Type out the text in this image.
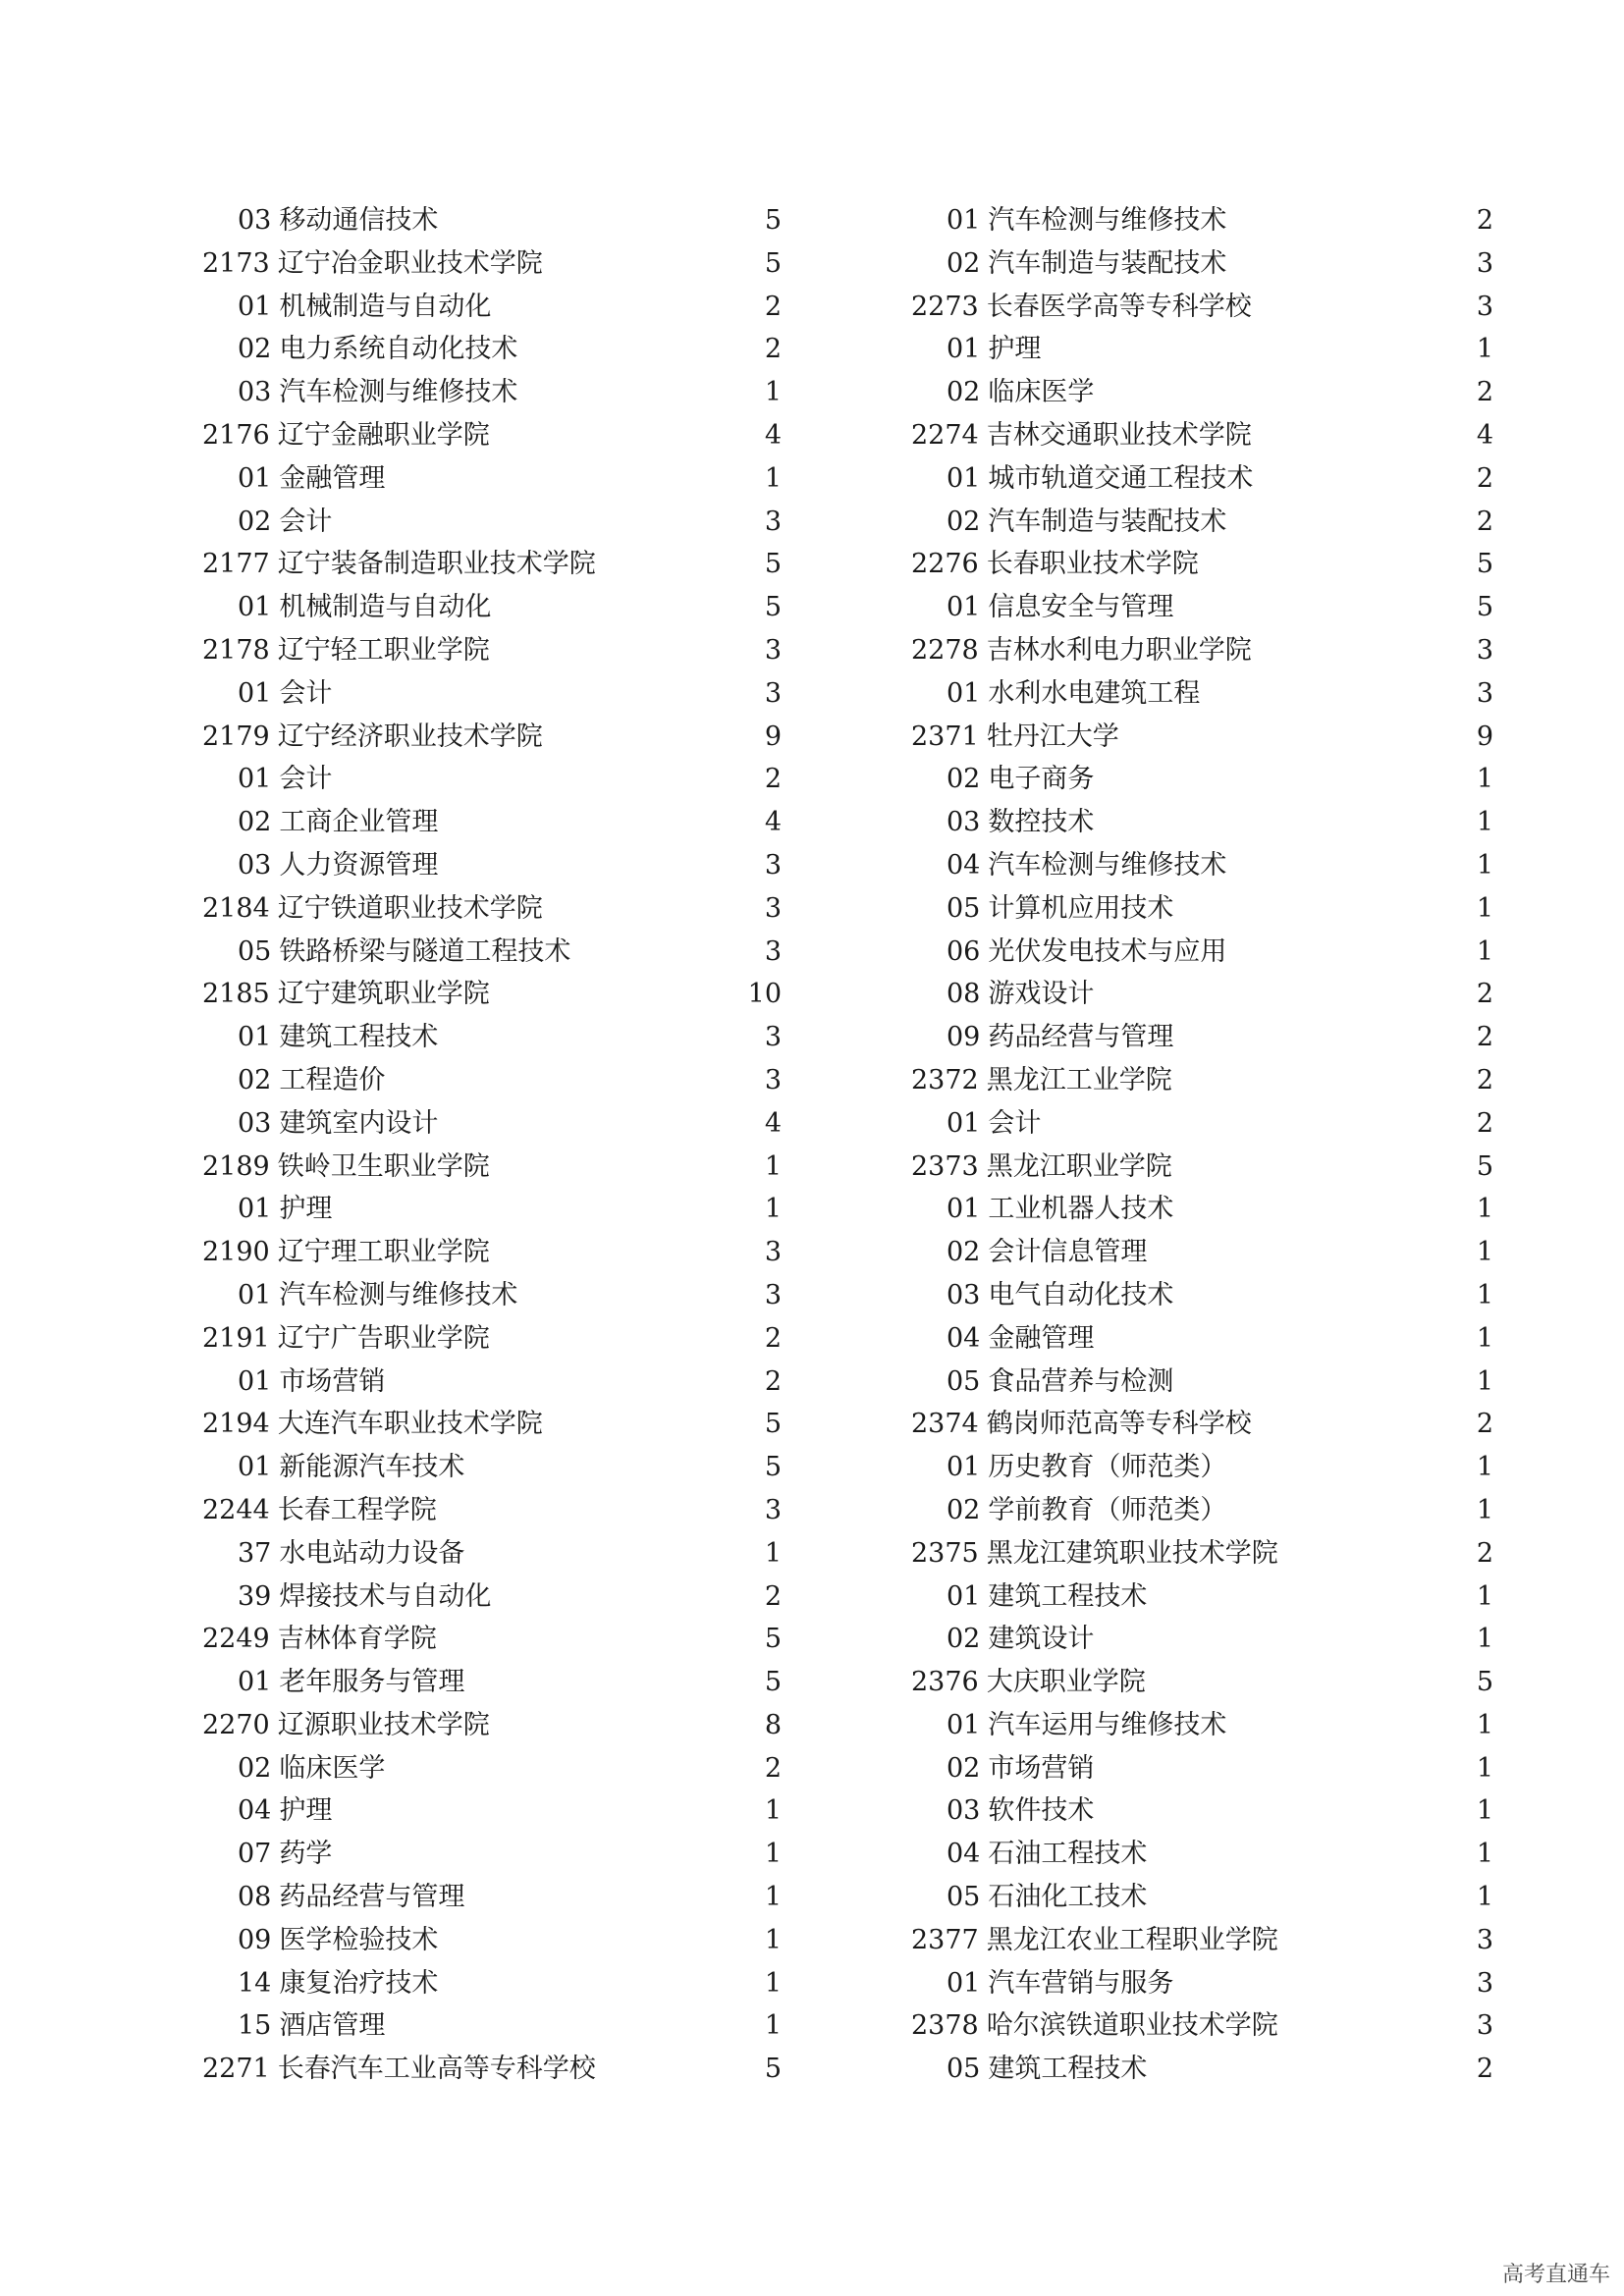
03 移动通信技术	5
2173 辽宁冶金职业技术学院	5
01 机械制造与自动化	2
02 电力系统自动化技术	2
03 汽车检测与维修技术	1
2176 辽宁金融职业学院	4
01 金融管理	1
02 会计	3
2177 辽宁装备制造职业技术学院	5
01 机械制造与自动化	5
2178 辽宁轻工职业学院	3
01 会计	3
2179 辽宁经济职业技术学院	9
01 会计	2
02 工商企业管理	4
03 人力资源管理	3
2184 辽宁铁道职业技术学院	3
05 铁路桥梁与隧道工程技术	3
2185 辽宁建筑职业学院	10
01 建筑工程技术	3
02 工程造价	3
03 建筑室内设计	4
2189 铁岭卫生职业学院	1
01 护理	1
2190 辽宁理工职业学院	3
01 汽车检测与维修技术	3
2191 辽宁广告职业学院	2
01 市场营销	2
2194 大连汽车职业技术学院	5
01 新能源汽车技术	5
2244 长春工程学院	3
37 水电站动力设备	1
39 焊接技术与自动化	2
2249 吉林体育学院	5
01 老年服务与管理	5
2270 辽源职业技术学院	8
02 临床医学	2
04 护理	1
07 药学	1
08 药品经营与管理	1
09 医学检验技术	1
14 康复治疗技术	1
15 酒店管理	1
2271 长春汽车工业高等专科学校	5
01 汽车检测与维修技术	2
02 汽车制造与装配技术	3
2273 长春医学高等专科学校	3
01 护理	1
02 临床医学	2
2274 吉林交通职业技术学院	4
01 城市轨道交通工程技术	2
02 汽车制造与装配技术	2
2276 长春职业技术学院	5
01 信息安全与管理	5
2278 吉林水利电力职业学院	3
01 水利水电建筑工程	3
2371 牡丹江大学	9
02 电子商务	1
03 数控技术	1
04 汽车检测与维修技术	1
05 计算机应用技术	1
06 光伏发电技术与应用	1
08 游戏设计	2
09 药品经营与管理	2
2372 黑龙江工业学院	2
01 会计	2
2373 黑龙江职业学院	5
01 工业机器人技术	1
02 会计信息管理	1
03 电气自动化技术	1
04 金融管理	1
05 食品营养与检测	1
2374 鹤岗师范高等专科学校	2
01 历史教育（师范类）	1
02 学前教育（师范类）	1
2375 黑龙江建筑职业技术学院	2
01 建筑工程技术	1
02 建筑设计	1
2376 大庆职业学院	5
01 汽车运用与维修技术	1
02 市场营销	1
03 软件技术	1
04 石油工程技术	1
05 石油化工技术	1
2377 黑龙江农业工程职业学院	3
01 汽车营销与服务	3
2378 哈尔滨铁道职业技术学院	3
05 建筑工程技术	2
高考直通车
